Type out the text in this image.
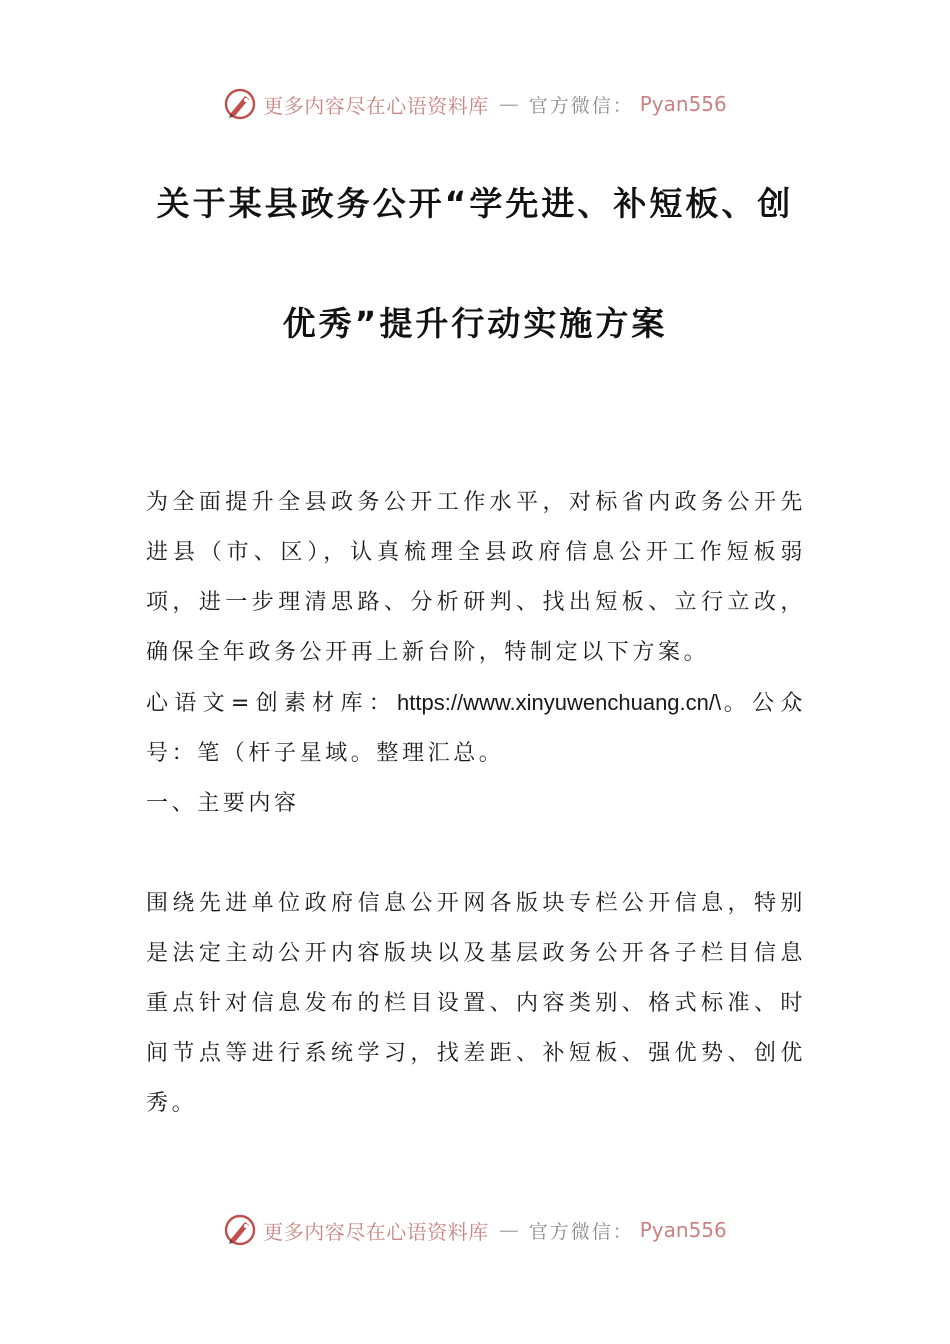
更多内容尽在心语资料库 — 官方微信： Pyan556
关于某县政务公开“学先进、补短板、创
优秀”提升行动实施方案

为全面提升全县政务公开工作水平，对标省内政务公开先进县（市、区），认真梳理全县政府信息公开工作短板弱项，进一步理清思路、分析研判、找出短板、立行立改，确保全年政务公开再上新台阶，特制定以下方案。

心语文=创素材库：https://www.xinyuwenchuang.cn/\。公众号：笔（杆子星域。整理汇总。

一、主要内容

围绕先进单位政府信息公开网各版块专栏公开信息，特别是法定主动公开内容版块以及基层政务公开各子栏目信息重点针对信息发布的栏目设置、内容类别、格式标准、时间节点等进行系统学习，找差距、补短板、强优势、创优秀。

更多内容尽在心语资料库 — 官方微信： Pyan556
